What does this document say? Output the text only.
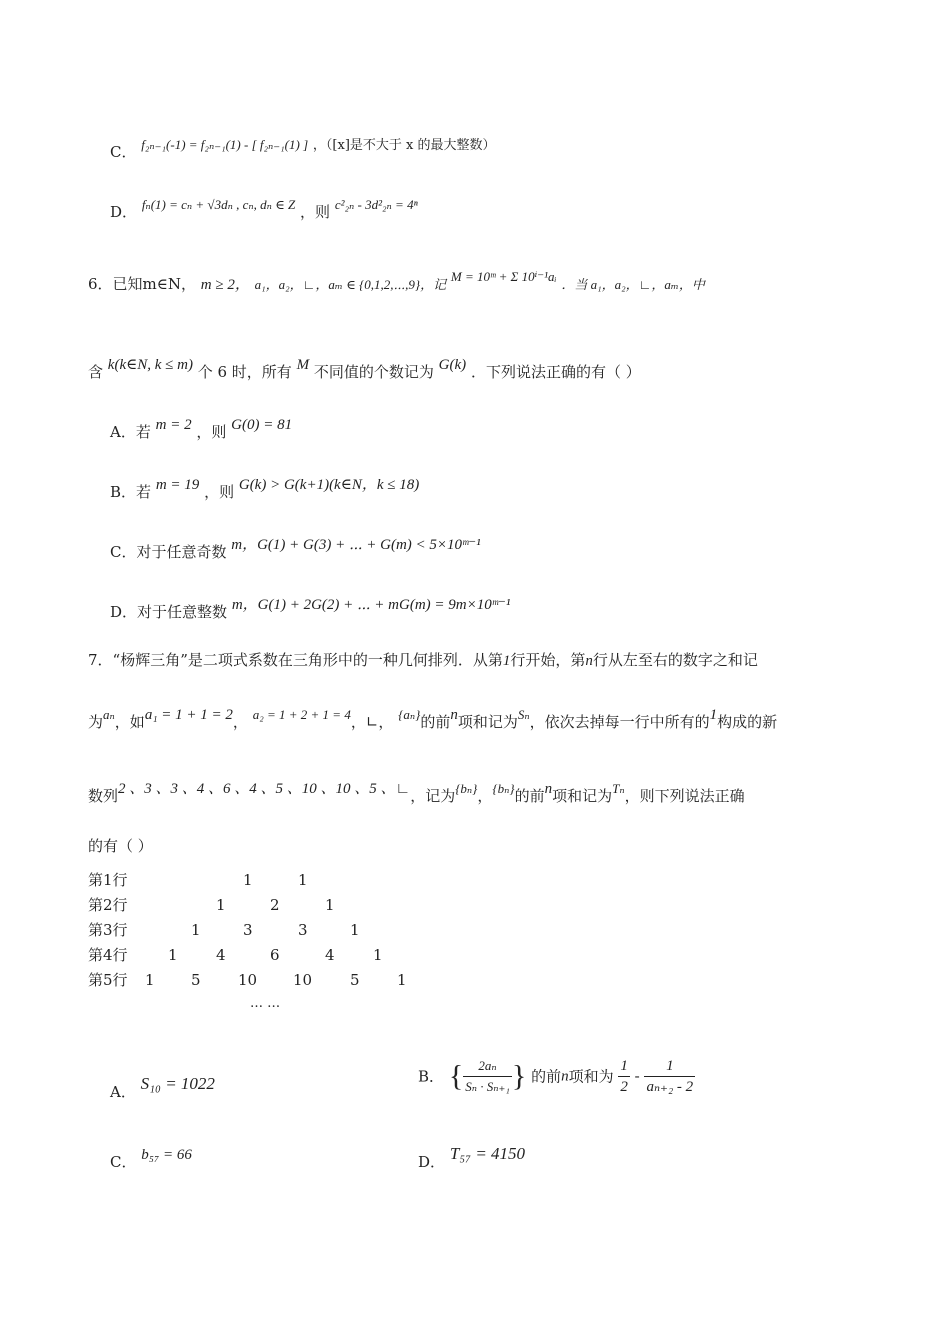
C． f₂ₙ₋₁(-1) = f₂ₙ₋₁(1) - [ f₂ₙ₋₁(1) ] ，（[x]是不大于 x 的最大整数）
D． fₙ(1) = cₙ + √3dₙ , cₙ, dₙ ∈ Z ，则 c²₂ₙ - 3d²₂ₙ = 4ⁿ
6．已知m∈N， m ≥ 2， a₁，a₂，∟，aₘ ∈ {0,1,2,⋯,9}，记 M = 10ᵐ + Σ 10ⁱ⁻¹aᵢ ．当 a₁，a₂，∟，aₘ，中
含 k(k∈N, k ≤ m) 个 6 时，所有 M 不同值的个数记为 G(k) ．下列说法正确的有（ ）
A．若 m = 2 ，则 G(0) = 81
B．若 m = 19 ，则 G(k) > G(k+1)(k∈N，k ≤ 18)
C．对于任意奇数 m，G(1) + G(3) + ⋯ + G(m) < 5×10ᵐ⁻¹
D．对于任意整数 m，G(1) + 2G(2) + ⋯ + mG(m) = 9m×10ᵐ⁻¹
7．“杨辉三角”是二项式系数在三角形中的一种几何排列．从第1行开始，第n行从左至右的数字之和记
为aₙ，如a₁ = 1 + 1 = 2， a₂ = 1 + 2 + 1 = 4，∟， {aₙ}的前n项和记为Sₙ，依次去掉每一行中所有的1构成的新
数列2 、3 、3 、4 、6 、4 、5 、10 、10 、5 、∟，记为{bₙ}，{bₙ}的前n项和记为Tₙ，则下列说法正确
的有（ ）
第1行	1	1
第2行	1	2	1
第3行	1	3	3	1
第4行	1	4	6	4	1
第5行 1 5 10 10	5 1
… …
A． S₁₀ = 1022	B． { $\frac{\text{2aₙ}}{\text{Sₙ · Sₙ₊₁}}$ } 的前n项和为 $\frac{1}{2} - \frac{1}{\text{aₙ₊₂ - 2}}$
C． b₅₇ = 66	D． T₅₇ = 4150
